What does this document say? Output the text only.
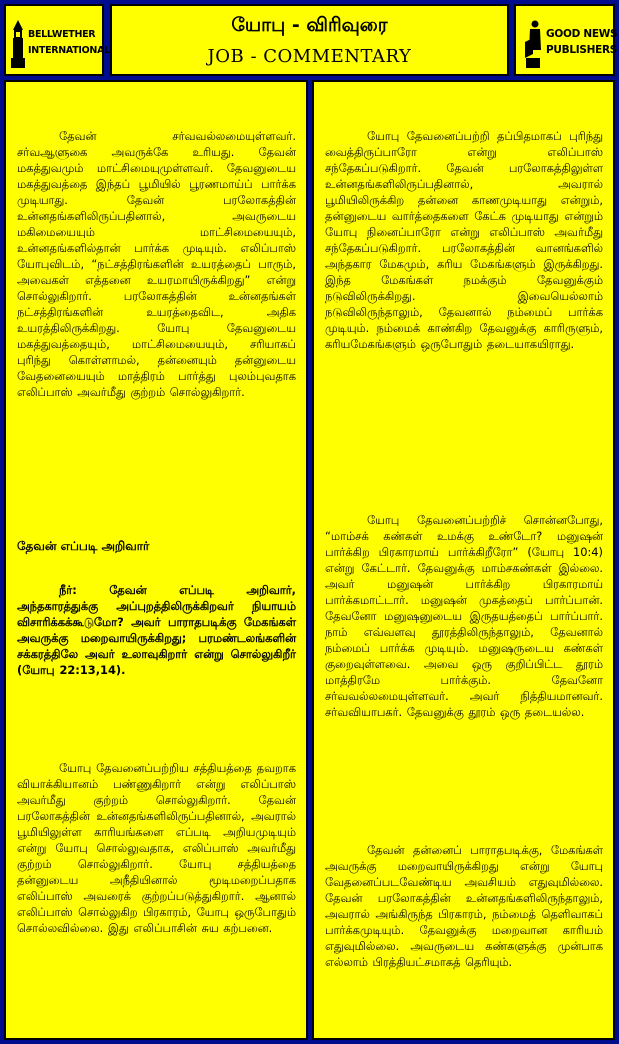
BELLWETHER
INTERNATIONAL
யோபு - விரிவுரை
JOB - COMMENTARY
GOOD NEWS
PUBLISHERS

தேவன் சர்வவல்லமையுள்ளவர். சர்வஆளுகை அவருக்கே உரியது. தேவன் மகத்துவமும் மாட்சிமையுமுள்ளவர். தேவனுடைய மகத்துவத்தை இந்தப் பூமியில் பூரணமாய்ப் பார்க்க முடியாது. தேவன் பரலோகத்தின் உன்னதங்களிலிருப்பதினால், அவருடைய மகிமையையும் மாட்சிமையையும், உன்னதங்களில்தான் பார்க்க முடியும். எலிப்பாஸ் யோபுவிடம், “நட்சத்திரங்களின் உயரத்தைப் பாரும், அவைகள் எத்தனை உயரமாயிருக்கிறது” என்று சொல்லுகிறார். பரலோகத்தின் உன்னதங்கள் நட்சத்திரங்களின் உயரத்தைவிட, அதிக உயரத்திலிருக்கிறது. யோபு தேவனுடைய மகத்துவத்தையும், மாட்சிமையையும், சரியாகப் புரிந்து கொள்ளாமல், தன்னையும் தன்னுடைய வேதனையையும் மாத்திரம் பார்த்து புலம்புவதாக எலிப்பாஸ் அவர்மீது குற்றம் சொல்லுகிறார்.

தேவன் எப்படி அறிவார்

நீர்: தேவன் எப்படி அறிவார், அந்தகாரத்துக்கு அப்புறத்திலிருக்கிறவர் நியாயம் விசாரிக்கக்கூடுமோ? அவர் பாராதபடிக்கு மேகங்கள் அவருக்கு மறைவாயிருக்கிறது; பரமண்டலங்களின் சக்கரத்திலே அவர் உலாவுகிறார் என்று சொல்லுகிறீர் (யோபு 22:13,14).

யோபு தேவனைப்பற்றிய சத்தியத்தை தவறாக வியாக்கியானம் பண்ணுகிறார் என்று எலிப்பாஸ் அவர்மீது குற்றம் சொல்லுகிறார். தேவன் பரலோகத்தின் உன்னதங்களிலிருப்பதினால், அவரால் பூமியிலுள்ள காரியங்களை எப்படி அறியமுடியும் என்று யோபு சொல்லுவதாக, எலிப்பாஸ் அவர்மீது குற்றம் சொல்லுகிறார். யோபு சத்தியத்தை தன்னுடைய அநீதியினால் மூடிமறைப்பதாக எலிப்பாஸ் அவரைக் குற்றப்படுத்துகிறார். ஆனால் எலிப்பாஸ் சொல்லுகிற பிரகாரம், யோபு ஒருபோதும் சொல்லவில்லை. இது எலிப்பாசின் சுய கற்பனை.

யோபு தேவனைப்பற்றி தப்பிதமாகப் புரிந்து வைத்திருப்பாரோ என்று எலிப்பாஸ் சந்தேகப்படுகிறார். தேவன் பரலோகத்திலுள்ள உன்னதங்களிலிருப்பதினால், அவரால் பூமியிலிருக்கிற தன்னை காணமுடியாது என்றும், தன்னுடைய வார்த்தைகளை கேட்க முடியாது என்றும் யோபு நினைப்பாரோ என்று எலிப்பாஸ் அவர்மீது சந்தேகப்படுகிறார். பரலோகத்தின் வானங்களில் அந்தகார மேகமும், கரிய மேகங்களும் இருக்கிறது. இந்த மேகங்கள் நமக்கும் தேவனுக்கும் நடுவிலிருக்கிறது. இவையெல்லாம் நடுவிலிருந்தாலும், தேவனால் நம்மைப் பார்க்க முடியும். நம்மைக் காண்கிற தேவனுக்கு காரிருளும், கரியமேகங்களும் ஒருபோதும் தடையாகயிராது.

யோபு தேவனைப்பற்றிச் சொன்னபோது, “மாம்சக் கண்கள் உமக்கு உண்டோ? மனுஷன் பார்க்கிற பிரகாரமாய் பார்க்கிறீரோ” (யோபு 10:4) என்று கேட்டார். தேவனுக்கு மாம்சகண்கள் இல்லை. அவர் மனுஷன் பார்க்கிற பிரகாரமாய் பார்க்கமாட்டார். மனுஷன் முகத்தைப் பார்ப்பான். தேவனோ மனுஷனுடைய இருதயத்தைப் பார்ப்பார். நாம் எவ்வளவு தூரத்திலிருந்தாலும், தேவனால் நம்மைப் பார்க்க முடியும். மனுஷருடைய கண்கள் குறைவுள்ளவை. அவை ஒரு குறிப்பிட்ட தூரம் மாத்திரமே பார்க்கும். தேவனோ சர்வவல்லமையுள்ளவர். அவர் நித்தியமானவர். சர்வவியாபகர். தேவனுக்கு தூரம் ஒரு தடையல்ல.

தேவன் தன்னைப் பாராதபடிக்கு, மேகங்கள் அவருக்கு மறைவாயிருக்கிறது என்று யோபு வேதனைப்படவேண்டிய அவசியம் எதுவுமில்லை. தேவன் பரலோகத்தின் உன்னதங்களிலிருந்தாலும், அவரால் அங்கிருந்த பிரகாரம், நம்மைத் தெளிவாகப் பார்க்கமுடியும். தேவனுக்கு மறைவான காரியம் எதுவுமில்லை. அவருடைய கண்களுக்கு முன்பாக எல்லாம் பிரத்தியட்சமாகத் தெரியும்.
